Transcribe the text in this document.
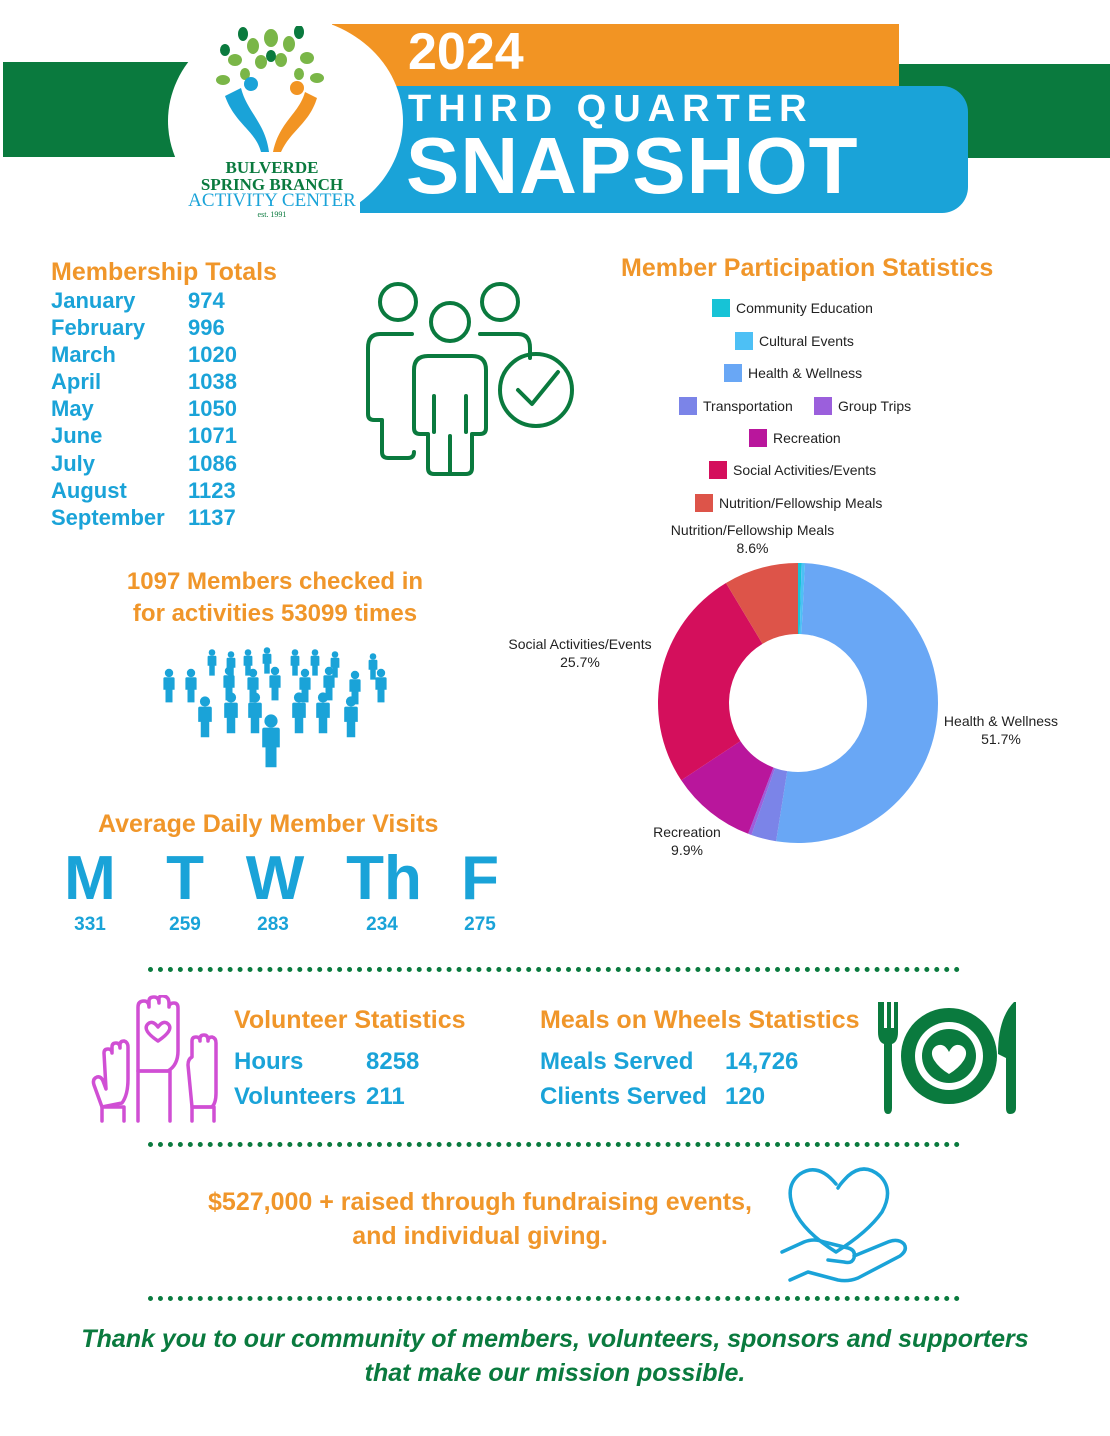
BULVERDE
SPRING BRANCH
ACTIVITY CENTER
est. 1991
2024
THIRD QUARTER
SNAPSHOT
Membership Totals
January 974
February 996
March	1020
April	1038
May	1050
June	1071
July	1086
August	1123
September 1137
1097 Members checked in
for activities 53099 times
Average Daily Member Visits
M T W Th F
331	259	283	234	275
Member Participation Statistics
Community Education
Cultural Events
Health & Wellness
Transportation	Group Trips
Recreation
Social Activities/Events
Nutrition/Fellowship Meals
Nutrition/Fellowship Meals
8.6%
Social Activities/Events
25.7%
Health & Wellness
51.7%
Recreation
9.9%
Volunteer Statistics
Hours	8258
Volunteers 211
Meals on Wheels Statistics
Meals Served 14,726
Clients Served 120
$527,000 + raised through fundraising events,
and individual giving.
Thank you to our community of members, volunteers, sponsors and supporters
that make our mission possible.
